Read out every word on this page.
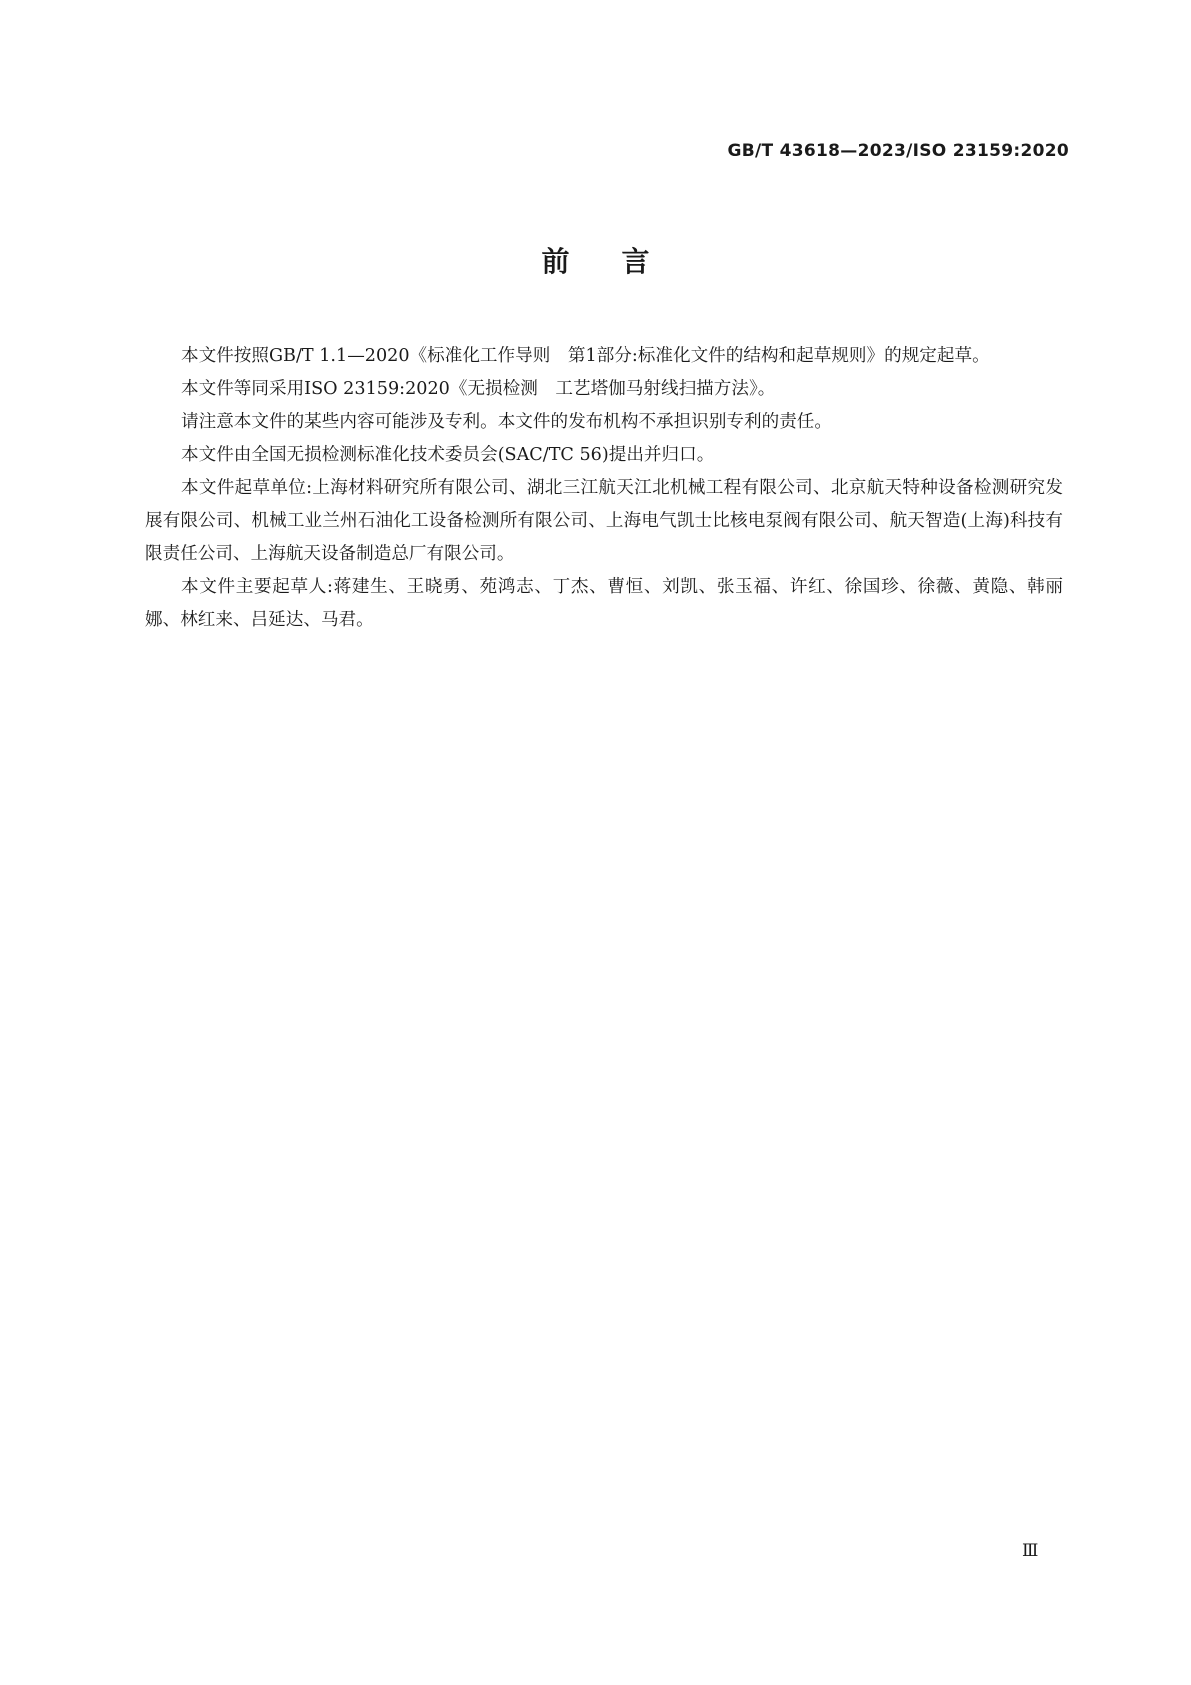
GB/T 43618—2023/ISO 23159:2020
前言

本文件按照GB/T 1.1—2020《标准化工作导则　第1部分:标准化文件的结构和起草规则》的规定起草。

本文件等同采用ISO 23159:2020《无损检测　工艺塔伽马射线扫描方法》。

请注意本文件的某些内容可能涉及专利。本文件的发布机构不承担识别专利的责任。

本文件由全国无损检测标准化技术委员会(SAC/TC 56)提出并归口。

本文件起草单位:上海材料研究所有限公司、湖北三江航天江北机械工程有限公司、北京航天特种设备检测研究发展有限公司、机械工业兰州石油化工设备检测所有限公司、上海电气凯士比核电泵阀有限公司、航天智造(上海)科技有限责任公司、上海航天设备制造总厂有限公司。

本文件主要起草人:蒋建生、王晓勇、苑鸿志、丁杰、曹恒、刘凯、张玉福、许红、徐国珍、徐薇、黄隐、韩丽娜、林红来、吕延达、马君。

Ⅲ
